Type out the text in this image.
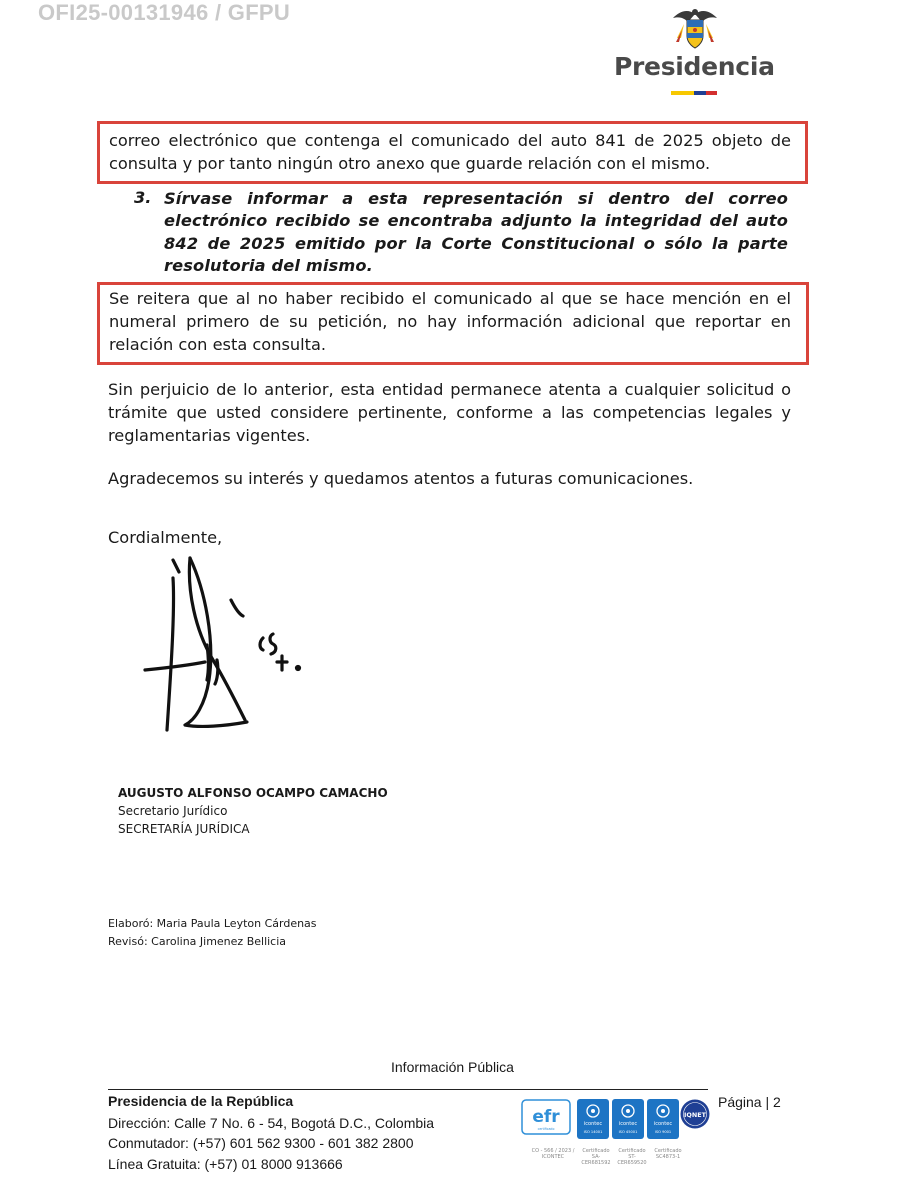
OFI25-00131946 / GFPU
Presidencia
correo electrónico que contenga el comunicado del auto 841 de 2025 objeto de consulta y por tanto ningún otro anexo que guarde relación con el mismo.
3. Sírvase informar a esta representación si dentro del correo electrónico recibido se encontraba adjunto la integridad del auto 842 de 2025 emitido por la Corte Constitucional o sólo la parte resolutoria del mismo.
Se reitera que al no haber recibido el comunicado al que se hace mención en el numeral primero de su petición, no hay información adicional que reportar en relación con esta consulta.
Sin perjuicio de lo anterior, esta entidad permanece atenta a cualquier solicitud o trámite que usted considere pertinente, conforme a las competencias legales y reglamentarias vigentes.
Agradecemos su interés y quedamos atentos a futuras comunicaciones.
Cordialmente,
AUGUSTO ALFONSO OCAMPO CAMACHO
Secretario Jurídico
SECRETARÍA JURÍDICA
Elaboró: Maria Paula Leyton Cárdenas
Revisó: Carolina Jimenez Bellicia
Información Pública
Presidencia de la República
Dirección: Calle 7 No. 6 - 54, Bogotá D.C., Colombia
Conmutador: (+57) 601 562 9300 - 601 382 2800
Línea Gratuita: (+57) 01 8000 913666
Página | 2
efr
certificado
icontec
ISO 14001
icontec
ISO 45001
icontec
ISO 9001
IQNET
CO - 566 / 2023 / ICONTEC
Certificado SA-CER681592
Certificado ST-CER659520
Certificado SC4873-1
